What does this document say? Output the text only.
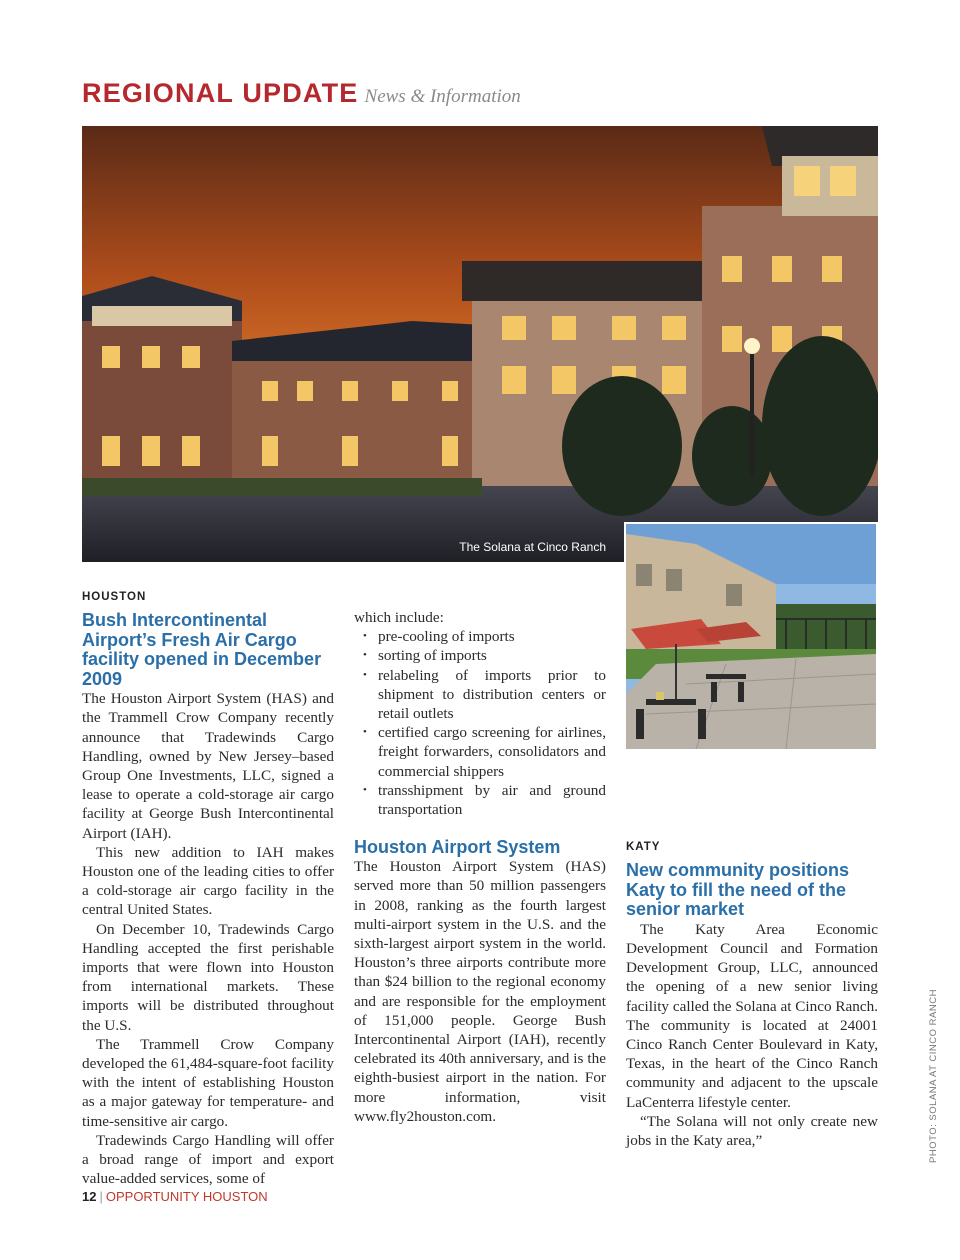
REGIONAL UPDATE News & Information
The Solana at Cinco Ranch
HOUSTON
Bush Intercontinental Airport’s Fresh Air Cargo facility opened in December 2009

The Houston Airport System (HAS) and the Trammell Crow Company recently announce that Tradewinds Cargo Handling, owned by New Jersey–based Group One Investments, LLC, signed a lease to operate a cold-storage air cargo facility at George Bush Intercontinental Airport (IAH).

This new addition to IAH makes Houston one of the leading cities to offer a cold-storage air cargo facility in the central United States.

On December 10, Tradewinds Cargo Handling accepted the first perishable imports that were flown into Houston from international markets. These imports will be distributed throughout the U.S.

The Trammell Crow Company developed the 61,484-square-foot facility with the intent of establishing Houston as a major gateway for temperature- and time-sensitive air cargo.

Tradewinds Cargo Handling will offer a broad range of import and export value-added services, some of

which include:

• pre-cooling of imports
• sorting of imports
• relabeling of imports prior to shipment to distribution centers or retail outlets
• certified cargo screening for airlines, freight forwarders, consolidators and commercial shippers
• transshipment by air and ground transportation
Houston Airport System

The Houston Airport System (HAS) served more than 50 million passengers in 2008, ranking as the fourth largest multi-airport system in the U.S. and the sixth-largest airport system in the world. Houston’s three airports contribute more than $24 billion to the regional economy and are responsible for the employment of 151,000 people. George Bush Intercontinental Airport (IAH), recently celebrated its 40th anniversary, and is the eighth-busiest airport in the nation. For more information, visit www.fly2houston.com.

KATY
New community positions Katy to fill the need of the senior market

The Katy Area Economic Development Council and Formation Development Group, LLC, announced the opening of a new senior living facility called the Solana at Cinco Ranch. The community is located at 24001 Cinco Ranch Center Boulevard in Katy, Texas, in the heart of the Cinco Ranch community and adjacent to the upscale LaCenterra lifestyle center.

“The Solana will not only create new jobs in the Katy area,”	PHOTO: SOLANA AT CINCO RANCH
12 | OPPORTUNITY HOUSTON
